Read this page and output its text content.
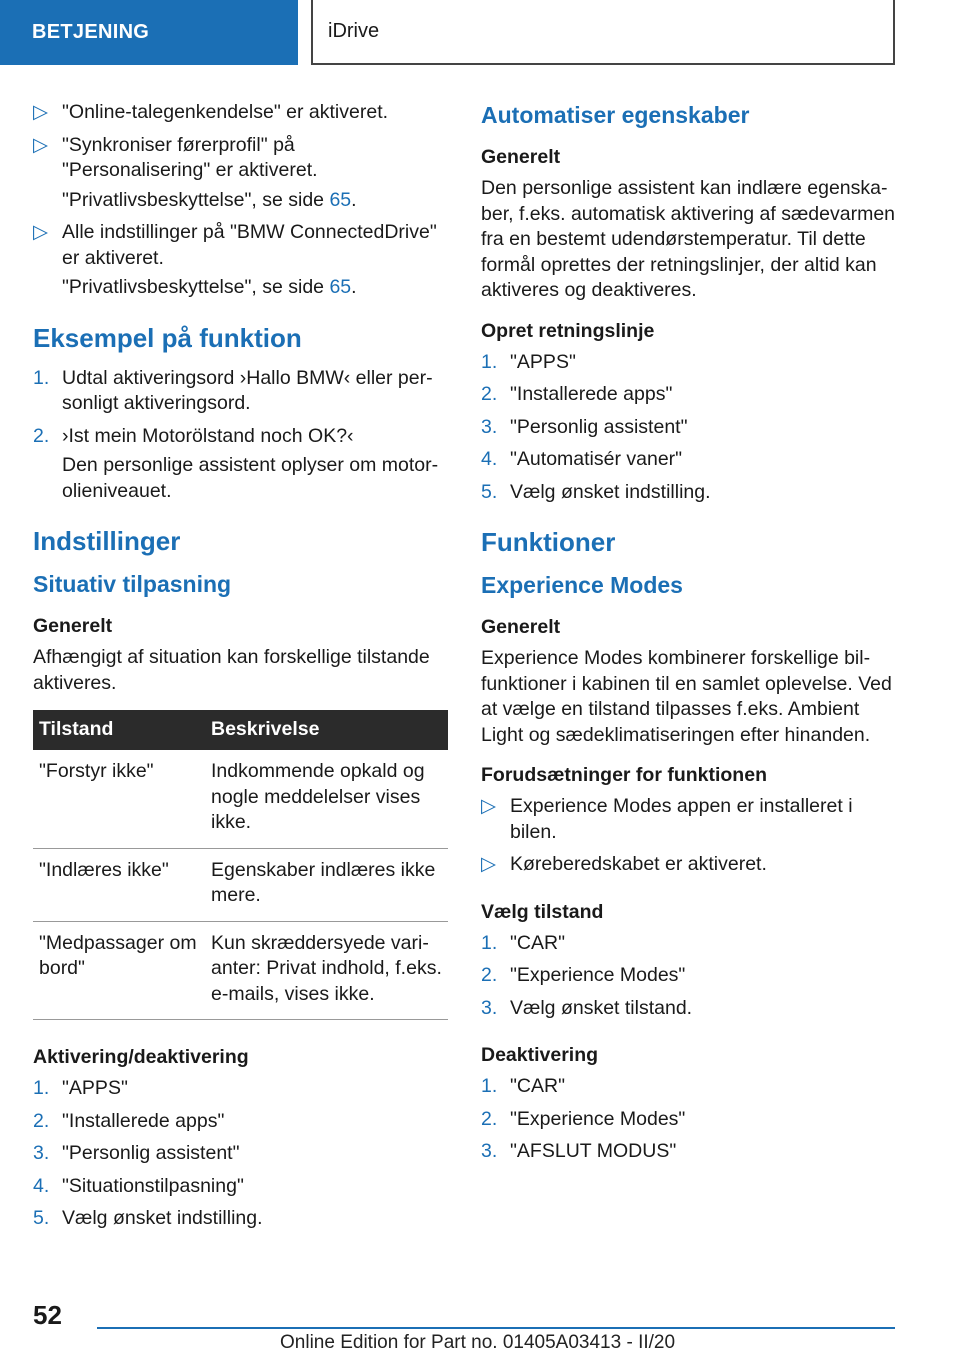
BETJENING	iDrive
▷ "Online-talegenkendelse" er aktiveret.
▷ "Synkroniser førerprofil" på "Personalisering" er aktiveret.
"Privatlivsbeskyttelse", se side 65.
▷ Alle indstillinger på "BMW ConnectedDrive" er aktiveret.
"Privatlivsbeskyttelse", se side 65.
Eksempel på funktion
1. Udtal aktiveringsord ›Hallo BMW‹ eller personligt aktiveringsord.
2. ›Ist mein Motorölstand noch OK?‹
Den personlige assistent oplyser om motorolieniveauet.
Indstillinger
Situativ tilpasning
Generelt

Afhængigt af situation kan forskellige tilstande aktiveres.

Tilstand	Beskrivelse
"Forstyr ikke"	Indkommende opkald og nogle meddelelser vises ikke.
"Indlæres ikke"	Egenskaber indlæres ikke mere.
"Medpassager om bord"	Kun skræddersyede varianter: Privat indhold, f.eks. e-mails, vises ikke.
Aktivering/deaktivering
1. "APPS"
2. "Installerede apps"
3. "Personlig assistent"
4. "Situationstilpasning"
5. Vælg ønsket indstilling.
Automatiser egenskaber
Generelt

Den personlige assistent kan indlære egenskaber, f.eks. automatisk aktivering af sædevarmen fra en bestemt udendørstemperatur. Til dette formål oprettes der retningslinjer, der altid kan aktiveres og deaktiveres.

Opret retningslinje
1. "APPS"
2. "Installerede apps"
3. "Personlig assistent"
4. "Automatisér vaner"
5. Vælg ønsket indstilling.
Funktioner
Experience Modes
Generelt

Experience Modes kombinerer forskellige bilfunktioner i kabinen til en samlet oplevelse. Ved at vælge en tilstand tilpasses f.eks. Ambient Light og sædeklimatiseringen efter hinanden.

Forudsætninger for funktionen
▷ Experience Modes appen er installeret i bilen.
▷ Køreberedskabet er aktiveret.
Vælg tilstand
1. "CAR"
2. "Experience Modes"
3. Vælg ønsket tilstand.
Deaktivering
1. "CAR"
2. "Experience Modes"
3. "AFSLUT MODUS"
52
Online Edition for Part no. 01405A03413 - II/20
